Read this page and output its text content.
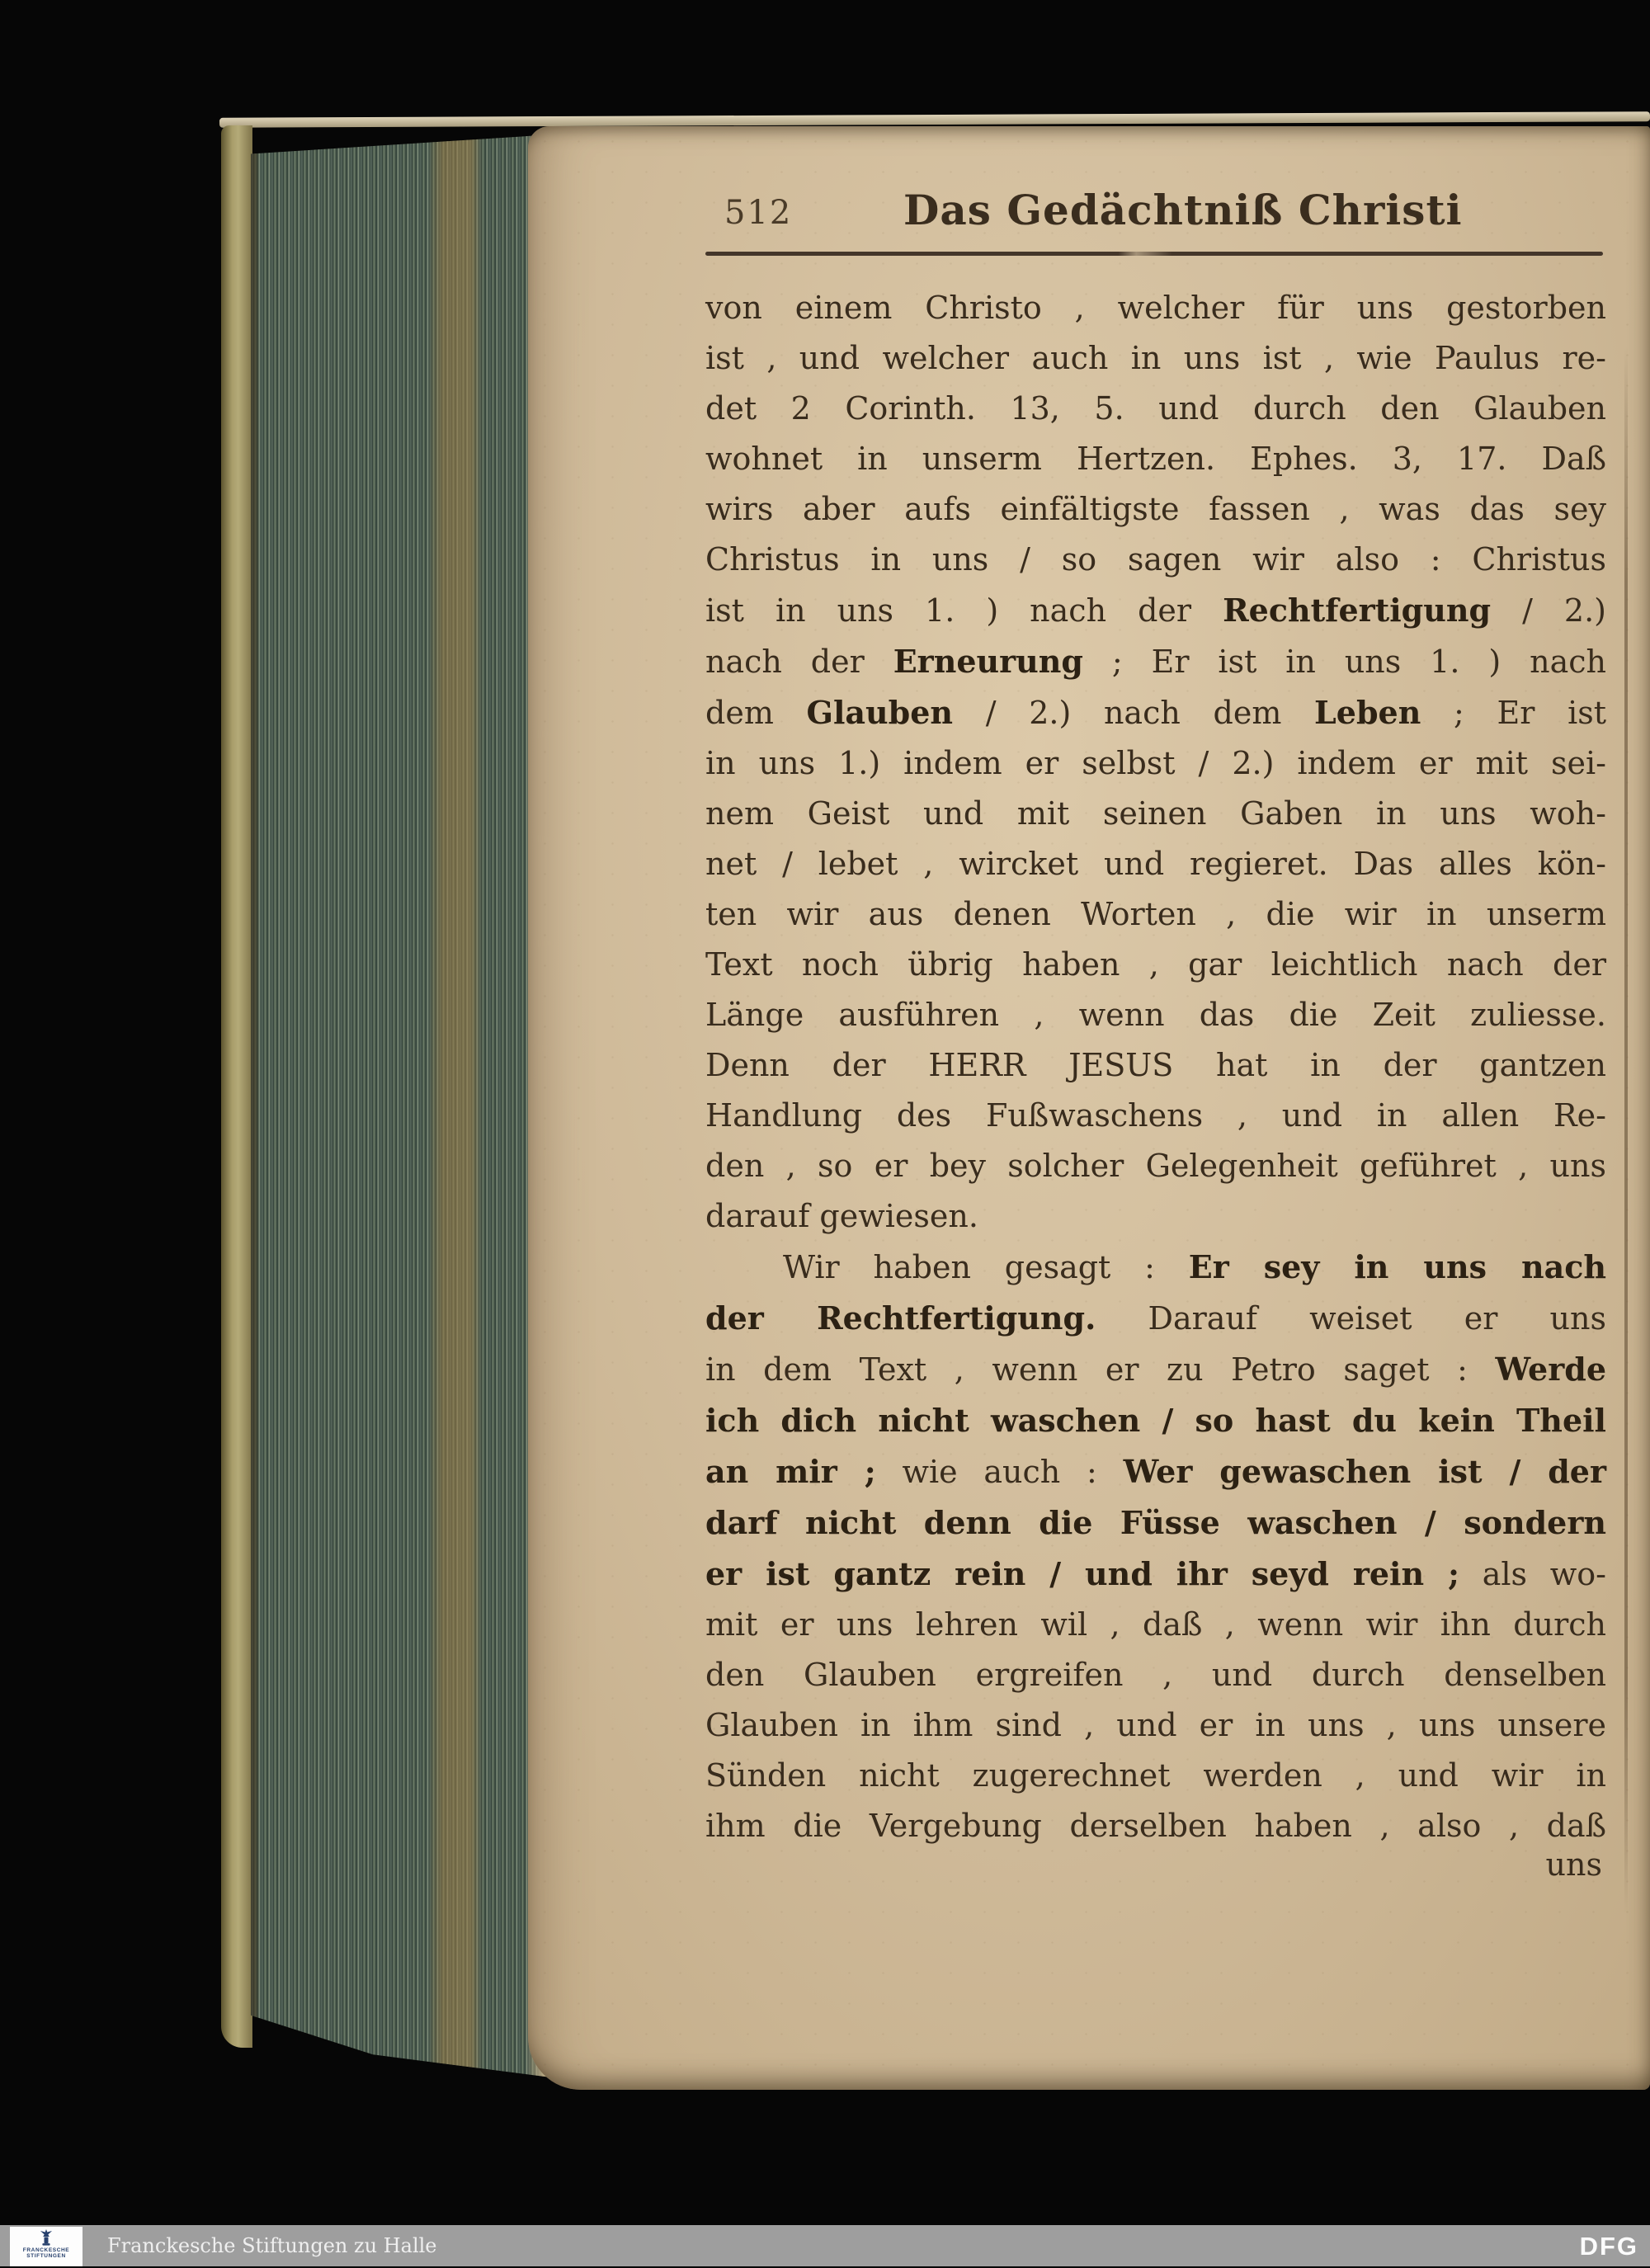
512	Das Gedächtniß Christi
von einem Christo , welcher für uns gestorben
ist , und welcher auch in uns ist , wie Paulus re-
det 2 Corinth. 13, 5. und durch den Glauben
wohnet in unserm Hertzen. Ephes. 3, 17. Daß
wirs aber aufs einfältigste fassen , was das sey
Christus in uns / so sagen wir also : Christus
ist in uns 1. ) nach der Rechtfertigung / 2.)
nach der Erneurung ; Er ist in uns 1. ) nach
dem Glauben / 2.) nach dem Leben ; Er ist
in uns 1.) indem er selbst / 2.) indem er mit sei-
nem Geist und mit seinen Gaben in uns woh-
net / lebet , wircket und regieret. Das alles kön-
ten wir aus denen Worten , die wir in unserm
Text noch übrig haben , gar leichtlich nach der
Länge ausführen , wenn das die Zeit zuliesse.
Denn der HERR JESUS hat in der gantzen
Handlung des Fußwaschens , und in allen Re-
den , so er bey solcher Gelegenheit geführet , uns
darauf gewiesen.
Wir haben gesagt : Er sey in uns nach
der Rechtfertigung. Darauf weiset er uns
in dem Text , wenn er zu Petro saget : Werde
ich dich nicht waschen / so hast du kein Theil
an mir ; wie auch : Wer gewaschen ist / der
darf nicht denn die Füsse waschen / sondern
er ist gantz rein / und ihr seyd rein ; als wo-
mit er uns lehren wil , daß , wenn wir ihn durch
den Glauben ergreifen , und durch denselben
Glauben in ihm sind , und er in uns , uns unsere
Sünden nicht zugerechnet werden , und wir in
ihm die Vergebung derselben haben , also , daß
uns
FRANCKESCHE
STIFTUNGEN Franckesche Stiftungen zu Halle	DFG
